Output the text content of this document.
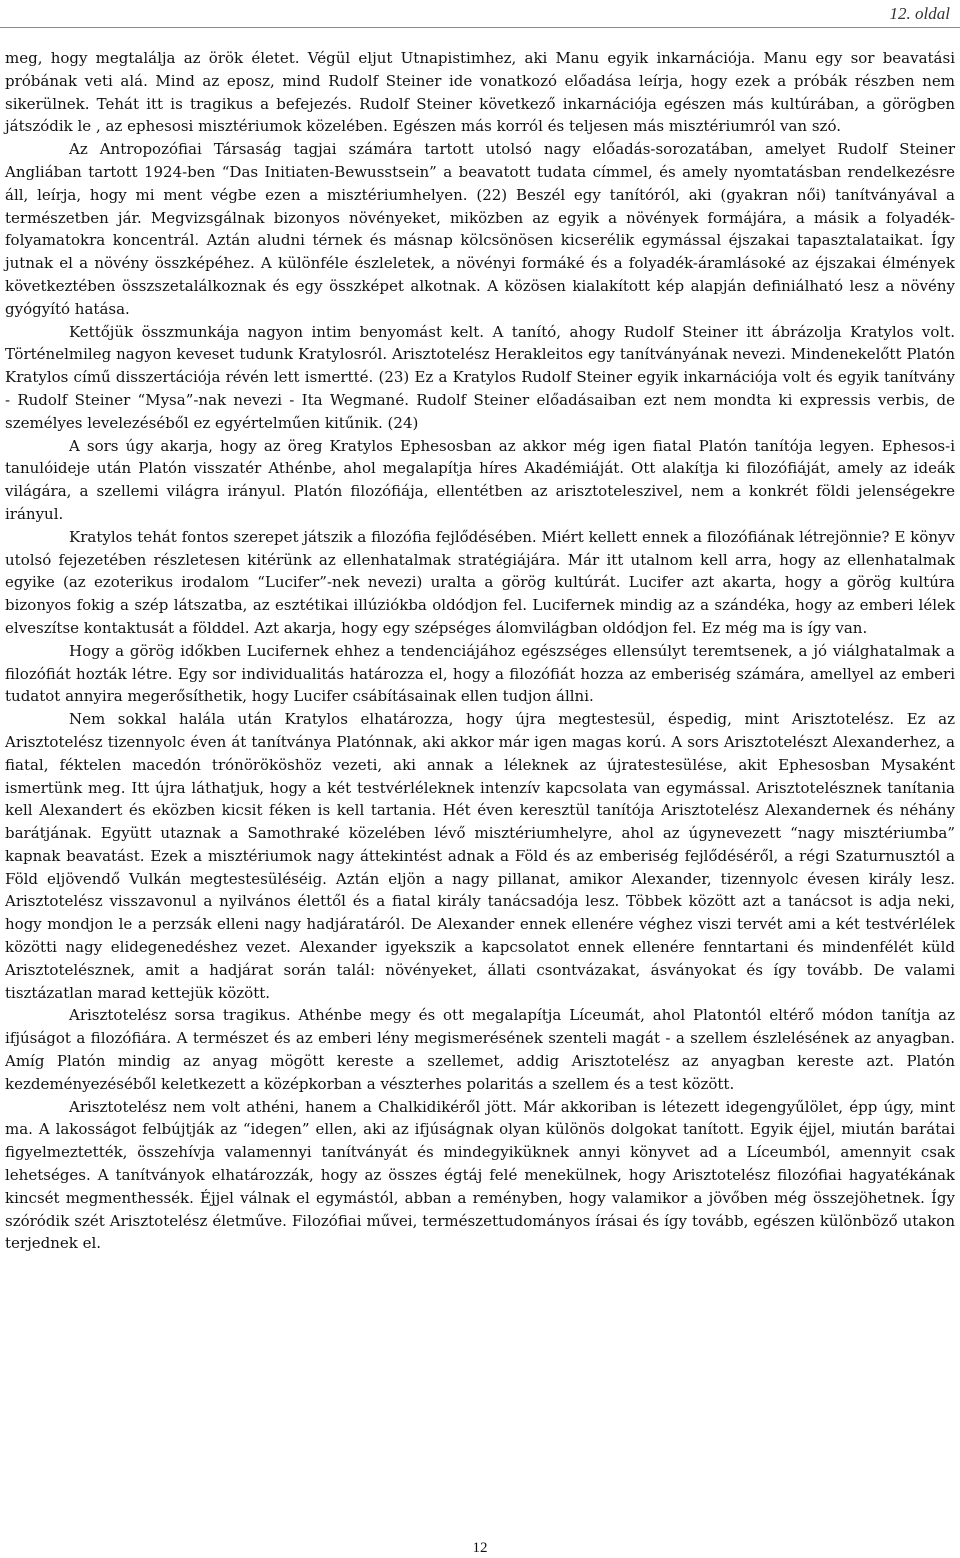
12. oldal

meg, hogy megtalálja az örök életet. Végül eljut Utnapistimhez, aki Manu egyik inkarnációja. Manu egy sor beavatási próbának veti alá. Mind az eposz, mind Rudolf Steiner ide vonatkozó előadása leírja, hogy ezek a próbák részben nem sikerülnek. Tehát itt is tragikus a befejezés. Rudolf Steiner következő inkarnációja egészen más kultúrában, a görögben játszódik le , az ephesosi misztériumok közelében. Egészen más korról és teljesen más misztériumról van szó.

Az Antropozófiai Társaság tagjai számára tartott utolsó nagy előadás-sorozatában, amelyet Rudolf Steiner Angliában tartott 1924-ben “Das Initiaten-Bewusstsein” a beavatott tudata címmel, és amely nyomtatásban rendelkezésre áll, leírja, hogy mi ment végbe ezen a misztériumhelyen. (22) Beszél egy tanítóról, aki (gyakran női) tanítványával a természetben jár. Megvizsgálnak bizonyos növényeket, miközben az egyik a növények formájára, a másik a folyadék-folyamatokra koncentrál. Aztán aludni térnek és másnap kölcsönösen kicserélik egymással éjszakai tapasztalataikat. Így jutnak el a növény összképéhez. A különféle észleletek, a növényi formáké és a folyadék-áramlásoké az éjszakai élmények következtében összszetalálkoznak és egy összképet alkotnak. A közösen kialakított kép alapján definiálható lesz a növény gyógyító hatása.

Kettőjük összmunkája nagyon intim benyomást kelt. A tanító, ahogy Rudolf Steiner itt ábrázolja Kratylos volt. Történelmileg nagyon keveset tudunk Kratylosról. Arisztotelész Herakleitos egy tanítványának nevezi. Mindenekelőtt Platón Kratylos című disszertációja révén lett ismertté. (23) Ez a Kratylos Rudolf Steiner egyik inkarnációja volt és egyik tanítvány - Rudolf Steiner “Mysa”-nak nevezi - Ita Wegmané. Rudolf Steiner előadásaiban ezt nem mondta ki expressis verbis, de személyes levelezéséből ez egyértelműen kitűnik. (24)

A sors úgy akarja, hogy az öreg Kratylos Ephesosban az akkor még igen fiatal Platón tanítója legyen. Ephesos-i tanulóideje után Platón visszatér Athénbe, ahol megalapítja híres Akadémiáját. Ott alakítja ki filozófiáját, amely az ideák világára, a szellemi világra irányul. Platón filozófiája, ellentétben az arisztoteleszivel, nem a konkrét földi jelenségekre irányul.

Kratylos tehát fontos szerepet játszik a filozófia fejlődésében. Miért kellett ennek a filozófiának létrejönnie? E könyv utolsó fejezetében részletesen kitérünk az ellenhatalmak stratégiájára. Már itt utalnom kell arra, hogy az ellenhatalmak egyike (az ezoterikus irodalom “Lucifer”-nek nevezi) uralta a görög kultúrát. Lucifer azt akarta, hogy a görög kultúra bizonyos fokig a szép látszatba, az esztétikai illúziókba oldódjon fel. Lucifernek mindig az a szándéka, hogy az emberi lélek elveszítse kontaktusát a földdel. Azt akarja, hogy egy szépséges álomvilágban oldódjon fel. Ez még ma is így van.

Hogy a görög időkben Lucifernek ehhez a tendenciájához egészséges ellensúlyt teremtsenek, a jó viálghatalmak a filozófiát hozták létre. Egy sor individualitás határozza el, hogy a filozófiát hozza az emberiség számára, amellyel az emberi tudatot annyira megerősíthetik, hogy Lucifer csábításainak ellen tudjon állni.

Nem sokkal halála után Kratylos elhatározza, hogy újra megtestesül, éspedig, mint Arisztotelész. Ez az Arisztotelész tizennyolc éven át tanítványa Platónnak, aki akkor már igen magas korú. A sors Arisztotelészt Alexanderhez, a fiatal, féktelen macedón trónörököshöz vezeti, aki annak a léleknek az újratestesülése, akit Ephesosban Mysaként ismertünk meg. Itt újra láthatjuk, hogy a két testvérléleknek intenzív kapcsolata van egymással. Arisztotelésznek tanítania kell Alexandert és eközben kicsit féken is kell tartania. Hét éven keresztül tanítója Arisztotelész Alexandernek és néhány barátjának. Együtt utaznak a Samothraké közelében lévő misztériumhelyre, ahol az úgynevezett “nagy misztériumba” kapnak beavatást. Ezek a misztériumok nagy áttekintést adnak a Föld és az emberiség fejlődéséről, a régi Szaturnusztól a Föld eljövendő Vulkán megtestesüléséig. Aztán eljön a nagy pillanat, amikor Alexander, tizennyolc évesen király lesz. Arisztotelész visszavonul a nyilvános élettől és a fiatal király tanácsadója lesz. Többek között azt a tanácsot is adja neki, hogy mondjon le a perzsák elleni nagy hadjáratáról. De Alexander ennek ellenére véghez viszi tervét ami a két testvérlélek közötti nagy elidegenedéshez vezet. Alexander igyekszik a kapcsolatot ennek ellenére fenntartani és mindenfélét küld Arisztotelésznek, amit a hadjárat során talál: növényeket, állati csontvázakat, ásványokat és így tovább. De valami tisztázatlan marad kettejük között.

Arisztotelész sorsa tragikus. Athénbe megy és ott megalapítja Líceumát, ahol Platontól eltérő módon tanítja az ifjúságot a filozófiára. A természet és az emberi lény megismerésének szenteli magát - a szellem észlelésének az anyagban. Amíg Platón mindig az anyag mögött kereste a szellemet, addig Arisztotelész az anyagban kereste azt. Platón kezdeményezéséből keletkezett a középkorban a vészterhes polaritás a szellem és a test között.

Arisztotelész nem volt athéni, hanem a Chalkidikéről jött. Már akkoriban is létezett idegengyűlölet, épp úgy, mint ma. A lakosságot felbújtják az “idegen” ellen, aki az ifjúságnak olyan különös dolgokat tanított. Egyik éjjel, miután barátai figyelmeztették, összehívja valamennyi tanítványát és mindegyiküknek annyi könyvet ad a Líceumból, amennyit csak lehetséges. A tanítványok elhatározzák, hogy az összes égtáj felé menekülnek, hogy Arisztotelész filozófiai hagyatékának kincsét megmenthessék. Éjjel válnak el egymástól, abban a reményben, hogy valamikor a jövőben még összejöhetnek. Így szóródik szét Arisztotelész életműve. Filozófiai művei, természettudományos írásai és így tovább, egészen különböző utakon terjednek el.

12
